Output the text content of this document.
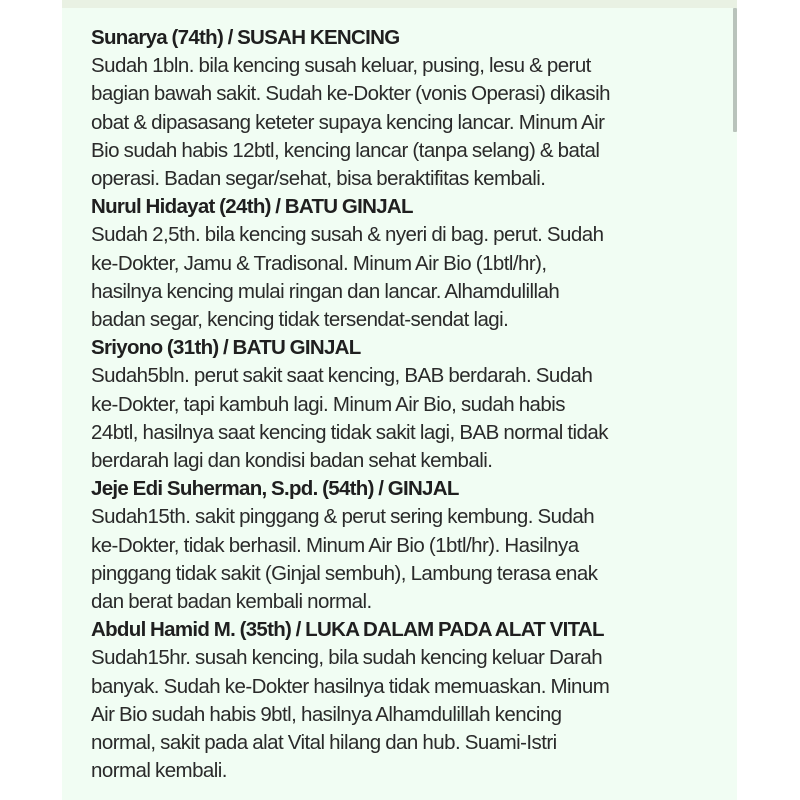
Sunarya (74th) / SUSAH KENCING
Sudah 1bln. bila kencing susah keluar, pusing, lesu & perut
bagian bawah sakit. Sudah ke-Dokter (vonis Operasi) dikasih
obat & dipasasang keteter supaya kencing lancar. Minum Air
Bio sudah habis 12btl, kencing lancar (tanpa selang) & batal
operasi. Badan segar/sehat, bisa beraktifitas kembali.
Nurul Hidayat (24th) / BATU GINJAL
Sudah 2,5th. bila kencing susah & nyeri di bag. perut. Sudah
ke-Dokter, Jamu & Tradisonal. Minum Air Bio (1btl/hr),
hasilnya kencing mulai ringan dan lancar. Alhamdulillah
badan segar, kencing tidak tersendat-sendat lagi.
Sriyono (31th) / BATU GINJAL
Sudah5bln. perut sakit saat kencing, BAB berdarah. Sudah
ke-Dokter, tapi kambuh lagi. Minum Air Bio, sudah habis
24btl, hasilnya saat kencing tidak sakit lagi, BAB normal tidak
berdarah lagi dan kondisi badan sehat kembali.
Jeje Edi Suherman, S.pd. (54th) / GINJAL
Sudah15th. sakit pinggang & perut sering kembung. Sudah
ke-Dokter, tidak berhasil. Minum Air Bio (1btl/hr). Hasilnya
pinggang tidak sakit (Ginjal sembuh), Lambung terasa enak
dan berat badan kembali normal.
Abdul Hamid M. (35th) / LUKA DALAM PADA ALAT VITAL
Sudah15hr. susah kencing, bila sudah kencing keluar Darah
banyak. Sudah ke-Dokter hasilnya tidak memuaskan. Minum
Air Bio sudah habis 9btl, hasilnya Alhamdulillah kencing
normal, sakit pada alat Vital hilang dan hub. Suami-Istri
normal kembali.
